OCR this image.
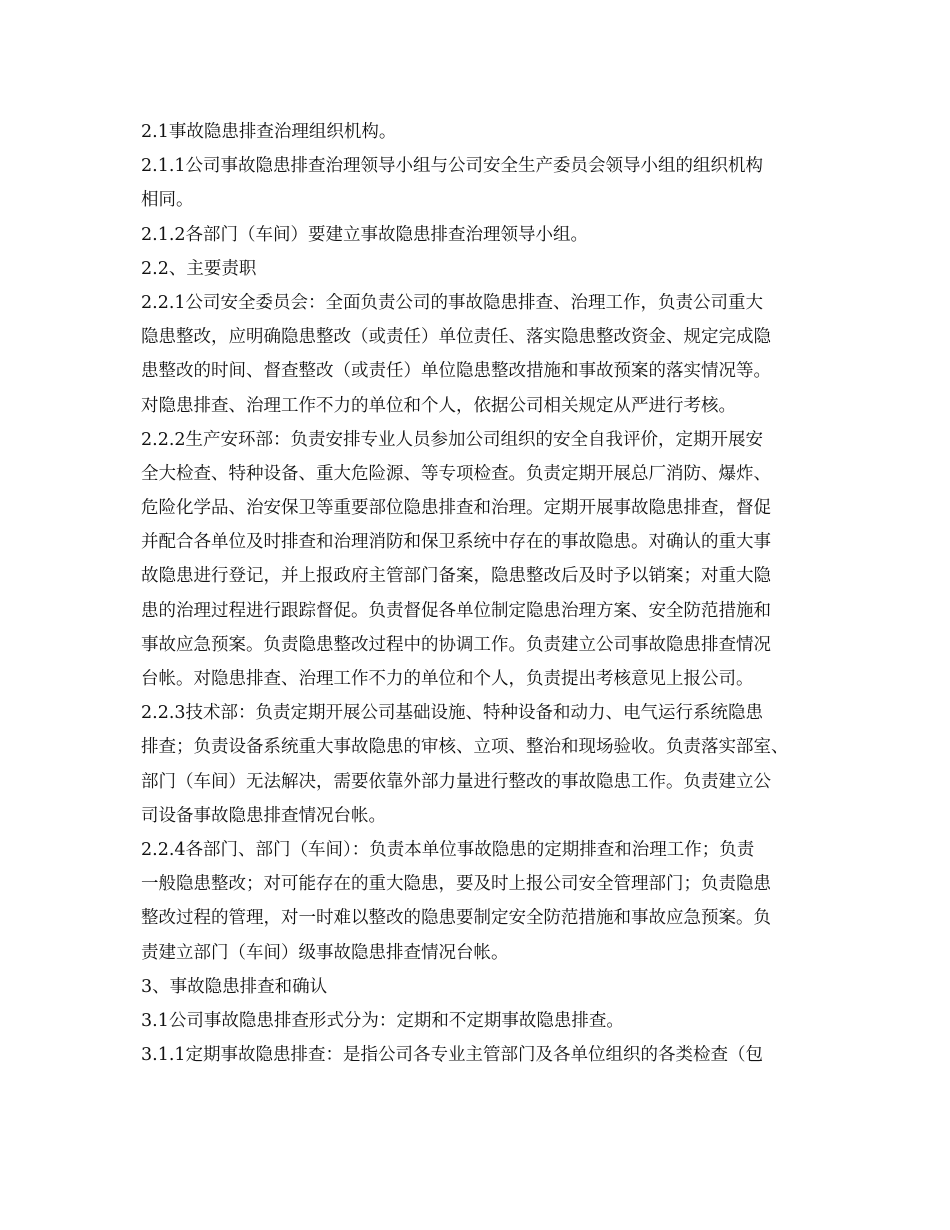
2.1事故隐患排查治理组织机构。
2.1.1公司事故隐患排查治理领导小组与公司安全生产委员会领导小组的组织机构
相同。
2.1.2各部门（车间）要建立事故隐患排查治理领导小组。
2.2、主要责职
2.2.1公司安全委员会：全面负责公司的事故隐患排查、治理工作，负责公司重大
隐患整改，应明确隐患整改（或责任）单位责任、落实隐患整改资金、规定完成隐
患整改的时间、督查整改（或责任）单位隐患整改措施和事故预案的落实情况等。
对隐患排查、治理工作不力的单位和个人，依据公司相关规定从严进行考核。
2.2.2生产安环部：负责安排专业人员参加公司组织的安全自我评价，定期开展安
全大检查、特种设备、重大危险源、等专项检查。负责定期开展总厂消防、爆炸、
危险化学品、治安保卫等重要部位隐患排查和治理。定期开展事故隐患排查，督促
并配合各单位及时排查和治理消防和保卫系统中存在的事故隐患。对确认的重大事
故隐患进行登记，并上报政府主管部门备案，隐患整改后及时予以销案；对重大隐
患的治理过程进行跟踪督促。负责督促各单位制定隐患治理方案、安全防范措施和
事故应急预案。负责隐患整改过程中的协调工作。负责建立公司事故隐患排查情况
台帐。对隐患排查、治理工作不力的单位和个人，负责提出考核意见上报公司。
2.2.3技术部：负责定期开展公司基础设施、特种设备和动力、电气运行系统隐患
排查；负责设备系统重大事故隐患的审核、立项、整治和现场验收。负责落实部室、
部门（车间）无法解决，需要依靠外部力量进行整改的事故隐患工作。负责建立公
司设备事故隐患排查情况台帐。
2.2.4各部门、部门（车间）：负责本单位事故隐患的定期排查和治理工作；负责
一般隐患整改；对可能存在的重大隐患，要及时上报公司安全管理部门；负责隐患
整改过程的管理，对一时难以整改的隐患要制定安全防范措施和事故应急预案。负
责建立部门（车间）级事故隐患排查情况台帐。
3、事故隐患排查和确认
3.1公司事故隐患排查形式分为：定期和不定期事故隐患排查。
3.1.1定期事故隐患排查：是指公司各专业主管部门及各单位组织的各类检查（包
